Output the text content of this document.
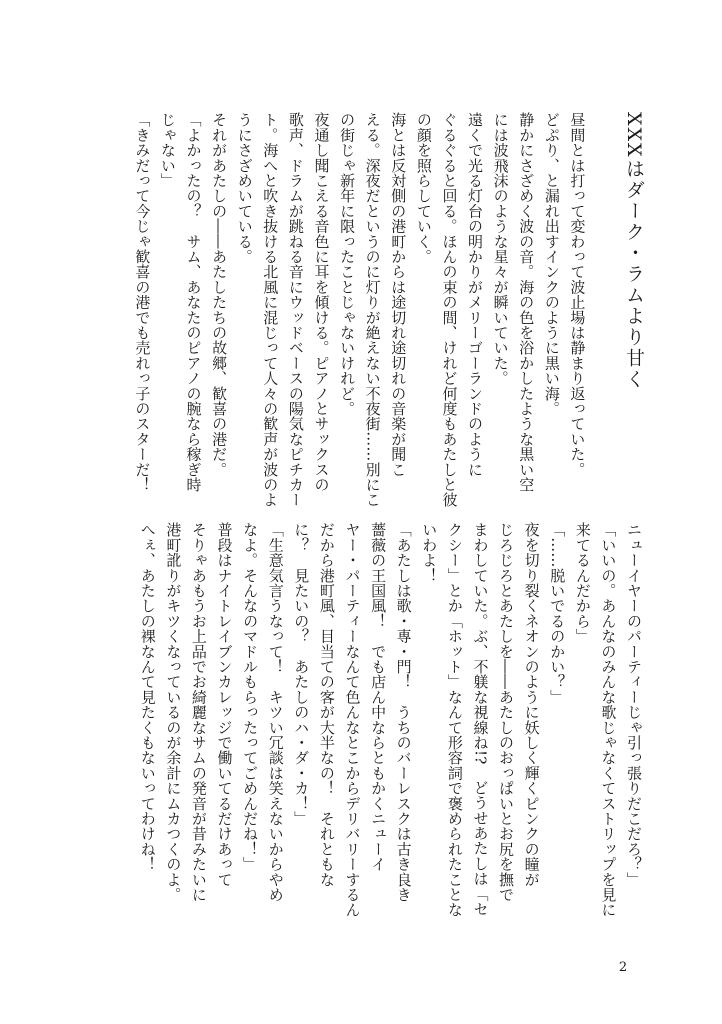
XXXはダーク・ラムより甘く

昼間とは打って変わって波止場は静まり返っていた。

どぷり、と漏れ出すインクのように黒い海。

静かにさざめく波の音。海の色を浴かしたような黒い空

には波飛沫のような星々が瞬いていた。

遠くで光る灯台の明かりがメリーゴーランドのように

ぐるぐると回る。ほんの束の間、けれど何度もあたしと彼

の顔を照らしていく。

海とは反対側の港町からは途切れ途切れの音楽が聞こ

える。深夜だというのに灯りが絶えない不夜街……別にこ

の街じゃ新年に限ったことじゃないけれど。

夜通し聞こえる音色に耳を傾ける。ピアノとサックスの

歌声、ドラムが跳ねる音にウッドベースの陽気なピチカー

ト。海へと吹き抜ける北風に混じって人々の歓声が波のよ

うにさざめいている。

それがあたしの――あたしたちの故郷、歓喜の港だ。

「よかったの？　サム、あなたのピアノの腕なら稼ぎ時

じゃない」

「きみだって今じゃ歓喜の港でも売れっ子のスターだ！

ニューイヤーのパーティーじゃ引っ張りだこだろ？」

「いいの。あんなのみんな歌じゃなくてストリップを見に

来てるんだから」

「……脱いでるのかい？」

夜を切り裂くネオンのように妖しく輝くピンクの瞳が

じろじろとあたしを――あたしのおっぱいとお尻を撫で

まわしていた。ぶ、不躾な視線ね!?　どうせあたしは「セ

クシー」とか「ホット」なんて形容詞で褒められたことな

いわよ！

「あたしは歌・専・門！　うちのバーレスクは古き良き

薔薇の王国風！　でも店ん中ならともかくニューイ

ヤー・パーティーなんて色んなとこからデリバリーするん

だから港町風、目当ての客が大半なの！　それともな

に？　見たいの？　あたしのハ・ダ・カ！」

「生意気言うなって！　キツい冗談は笑えないからやめ

なよ。そんなのマドルもらったってごめんだね！」

普段はナイトレイブンカレッジで働いてるだけあって

そりゃあもうお上品でお綺麗なサムの発音が昔みたいに

港町訛りがキツくなっているのが余計にムカつくのよ。

へぇ、あたしの裸なんて見たくもないってわけね！

2
